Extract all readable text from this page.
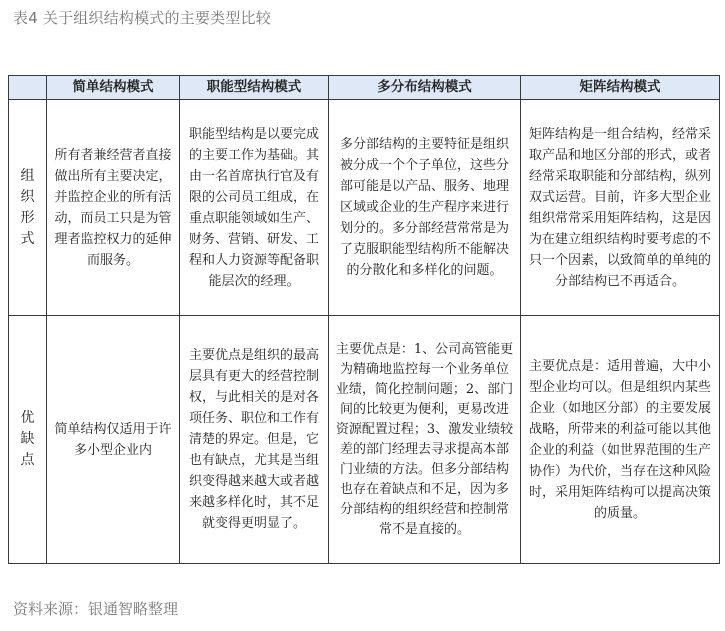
表4 关于组织结构模式的主要类型比较
	简单结构模式	职能型结构模式	多分布结构模式	矩阵结构模式

组
织
形
式	所有者兼经营者直接做出所有主要决定，并监控企业的所有活动，而员工只是为管理者监控权力的延伸而服务。	职能型结构是以要完成的主要工作为基础。其由一名首席执行官及有限的公司员工组成，在重点职能领域如生产、财务、营销、研发、工程和人力资源等配备职能层次的经理。	多分部结构的主要特征是组织被分成一个个子单位，这些分部可能是以产品、服务、地理区域或企业的生产程序来进行划分的。多分部经营常常是为了克服职能型结构所不能解决的分散化和多样化的问题。	矩阵结构是一组合结构，经常采取产品和地区分部的形式，或者经常采取职能和分部结构，纵列双式运营。目前，许多大型企业组织常常采用矩阵结构，这是因为在建立组织结构时要考虑的不只一个因素，以致简单的单纯的分部结构已不再适合。

优
缺
点	简单结构仅适用于许多小型企业内	主要优点是组织的最高层具有更大的经营控制权，与此相关的是对各项任务、职位和工作有清楚的界定。但是，它也有缺点，尤其是当组织变得越来越大或者越来越多样化时，其不足就变得更明显了。	主要优点是：1、公司高管能更为精确地监控每一个业务单位业绩，简化控制问题；2、部门间的比较更为便利，更易改进资源配置过程；3、激发业绩较差的部门经理去寻求提高本部门业绩的方法。但多分部结构也存在着缺点和不足，因为多分部结构的组织经营和控制常常不是直接的。	主要优点是：适用普遍，大中小型企业均可以。但是组织内某些企业（如地区分部）的主要发展战略，所带来的利益可能以其他企业的利益（如世界范围的生产协作）为代价，当存在这种风险时，采用矩阵结构可以提高决策的质量。
资料来源：银通智略整理
